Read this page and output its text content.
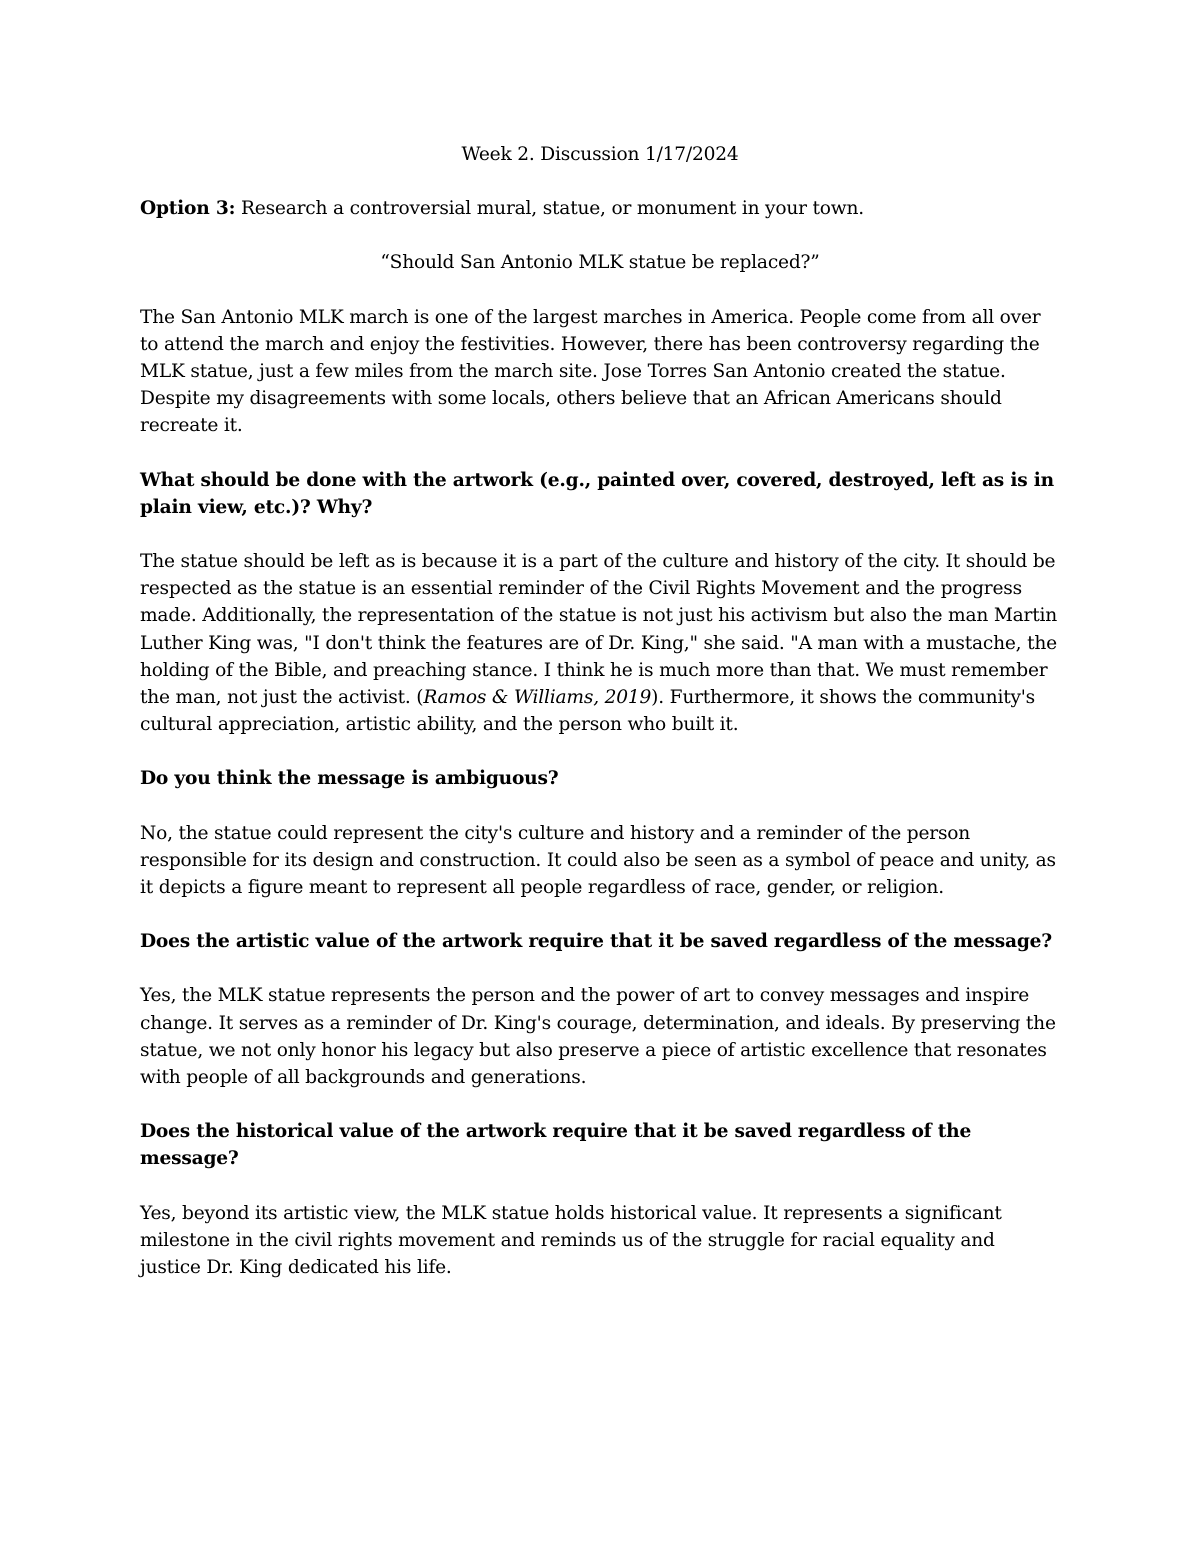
Week 2. Discussion 1/17/2024

Option 3: Research a controversial mural, statue, or monument in your town.

“Should San Antonio MLK statue be replaced?”

The San Antonio MLK march is one of the largest marches in America. People come from all over to attend the march and enjoy the festivities. However, there has been controversy regarding the MLK statue, just a few miles from the march site. Jose Torres San Antonio created the statue. Despite my disagreements with some locals, others believe that an African Americans should recreate it.

What should be done with the artwork (e.g., painted over, covered, destroyed, left as is in plain view, etc.)? Why?

The statue should be left as is because it is a part of the culture and history of the city. It should be respected as the statue is an essential reminder of the Civil Rights Movement and the progress made. Additionally, the representation of the statue is not just his activism but also the man Martin Luther King was, "I don't think the features are of Dr. King," she said. "A man with a mustache, the holding of the Bible, and preaching stance. I think he is much more than that. We must remember the man, not just the activist. (Ramos & Williams, 2019). Furthermore, it shows the community's cultural appreciation, artistic ability, and the person who built it.

Do you think the message is ambiguous?

No, the statue could represent the city's culture and history and a reminder of the person responsible for its design and construction. It could also be seen as a symbol of peace and unity, as it depicts a figure meant to represent all people regardless of race, gender, or religion.

Does the artistic value of the artwork require that it be saved regardless of the message?

Yes, the MLK statue represents the person and the power of art to convey messages and inspire change. It serves as a reminder of Dr. King's courage, determination, and ideals. By preserving the statue, we not only honor his legacy but also preserve a piece of artistic excellence that resonates with people of all backgrounds and generations.

Does the historical value of the artwork require that it be saved regardless of the message?

Yes, beyond its artistic view, the MLK statue holds historical value. It represents a significant milestone in the civil rights movement and reminds us of the struggle for racial equality and justice Dr. King dedicated his life.
